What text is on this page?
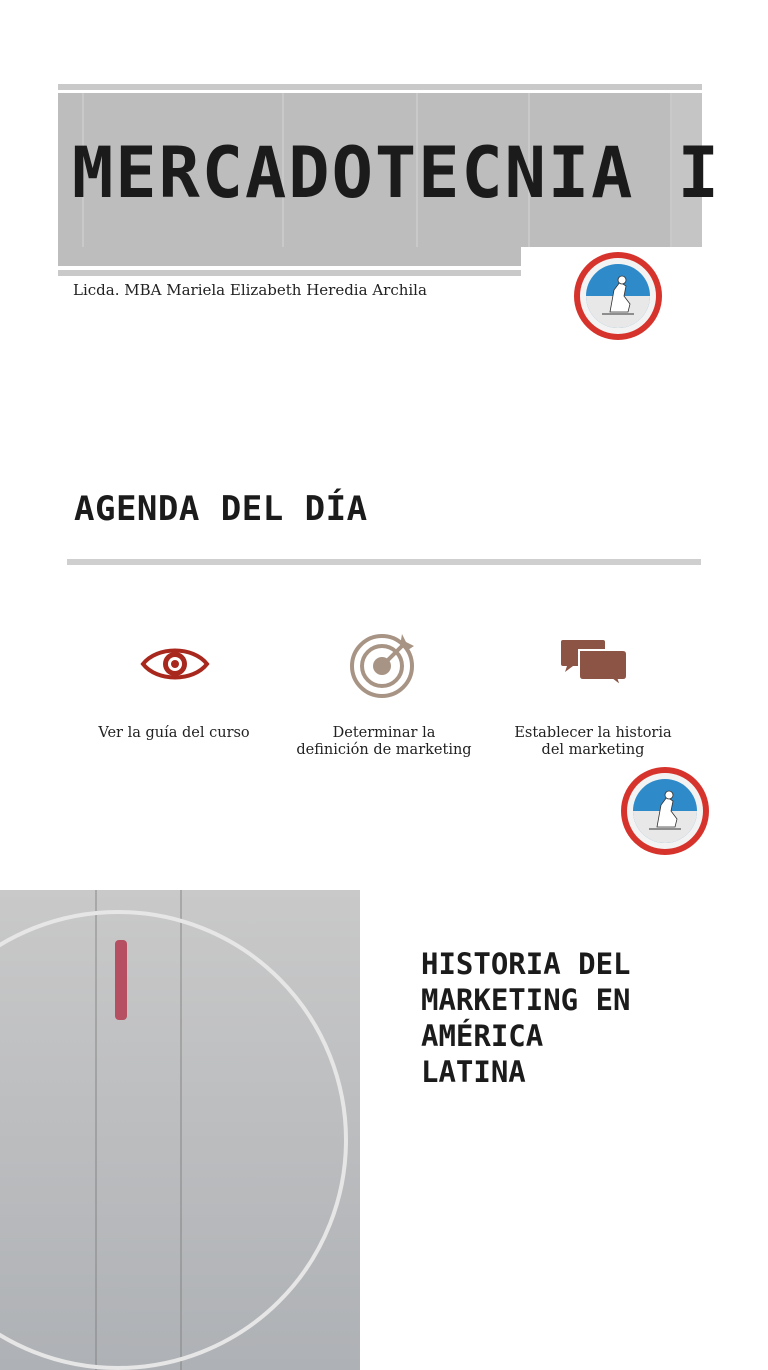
MERCADOTECNIA I
Licda. MBA Mariela Elizabeth Heredia Archila
AGENDA DEL DÍA
Ver la guía del curso	Determinar la
definición de marketing
Establecer la historia
del marketing
HISTORIA DEL
MARKETING EN AMÉRICA
LATINA
